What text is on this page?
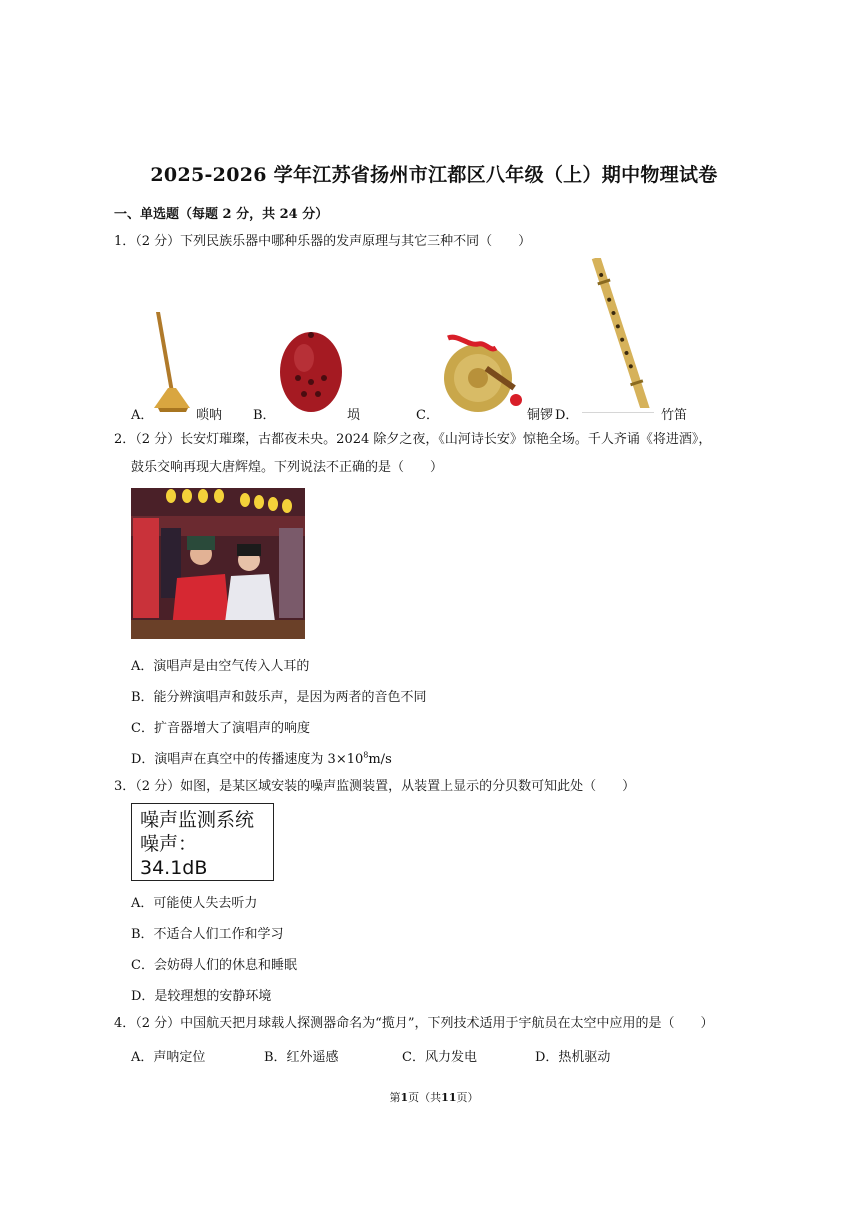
2025-2026 学年江苏省扬州市江都区八年级（上）期中物理试卷
一、单选题（每题 2 分，共 24 分）
1．（2 分）下列民族乐器中哪种乐器的发声原理与其它三种不同（　　）
A．	唢呐 B．	埙	C．	铜锣 D．	竹笛
2．（2 分）长安灯璀璨，古都夜未央。2024 除夕之夜，《山河诗长安》惊艳全场。千人齐诵《将进酒》，
鼓乐交响再现大唐辉煌。下列说法不正确的是（　　）
A．演唱声是由空气传入人耳的
B．能分辨演唱声和鼓乐声，是因为两者的音色不同
C．扩音器增大了演唱声的响度
D．演唱声在真空中的传播速度为 $3\times 10^8m/s$
3．（2 分）如图，是某区域安装的噪声监测装置，从装置上显示的分贝数可知此处（　　）
噪声监测系统
噪声：
34.1dB
A．可能使人失去听力
B．不适合人们工作和学习
C．会妨碍人们的休息和睡眠
D．是较理想的安静环境
4．（2 分）中国航天把月球载人探测器命名为“揽月”，下列技术适用于宇航员在太空中应用的是（　　）
A．声呐定位	B．红外遥感	C．风力发电	D．热机驱动
第1页（共11页）
